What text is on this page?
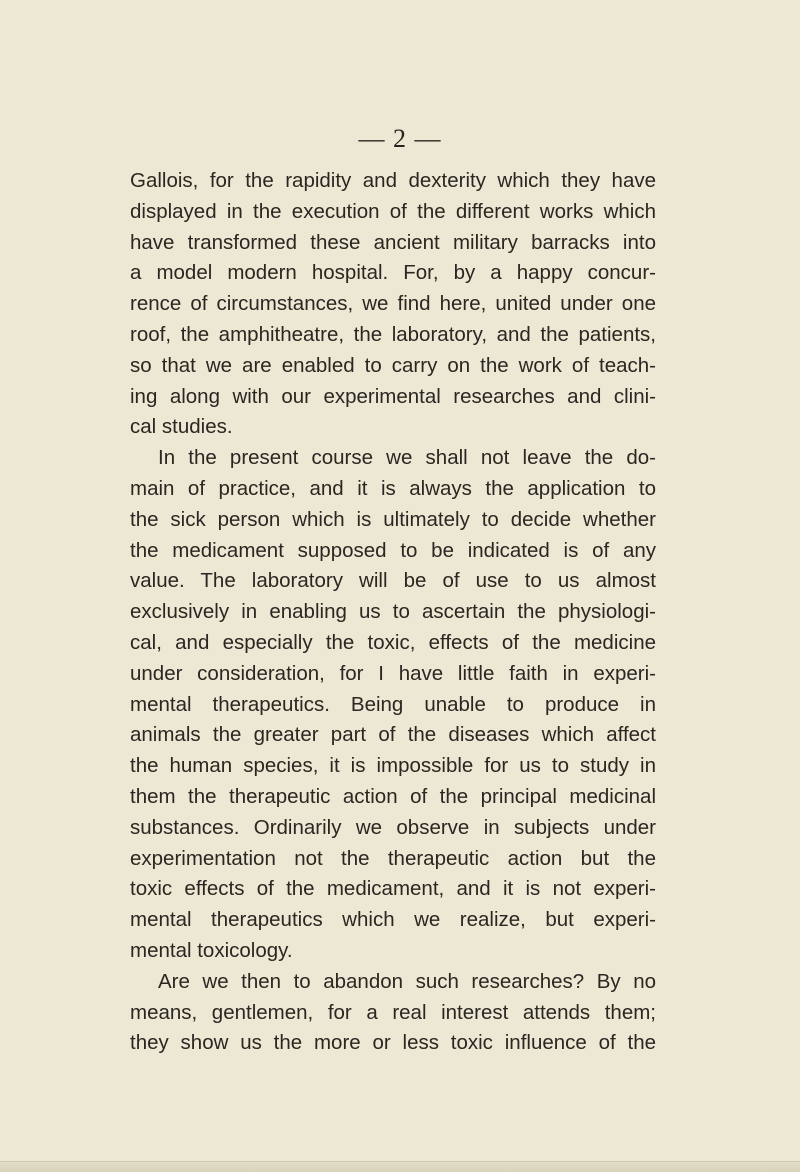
— 2 —

Gallois, for the rapidity and dexterity which they have
displayed in the execution of the different works which
have transformed these ancient military barracks into
a model modern hospital. For, by a happy concur-
rence of circumstances, we find here, united under one
roof, the amphitheatre, the laboratory, and the patients,
so that we are enabled to carry on the work of teach-
ing along with our experimental researches and clini-
cal studies.

In the present course we shall not leave the do-
main of practice, and it is always the application to
the sick person which is ultimately to decide whether
the medicament supposed to be indicated is of any
value. The laboratory will be of use to us almost
exclusively in enabling us to ascertain the physiologi-
cal, and especially the toxic, effects of the medicine
under consideration, for I have little faith in experi-
mental therapeutics. Being unable to produce in
animals the greater part of the diseases which affect
the human species, it is impossible for us to study in
them the therapeutic action of the principal medicinal
substances. Ordinarily we observe in subjects under
experimentation not the therapeutic action but the
toxic effects of the medicament, and it is not experi-
mental therapeutics which we realize, but experi-
mental toxicology.

Are we then to abandon such researches? By no
means, gentlemen, for a real interest attends them;
they show us the more or less toxic influence of the
